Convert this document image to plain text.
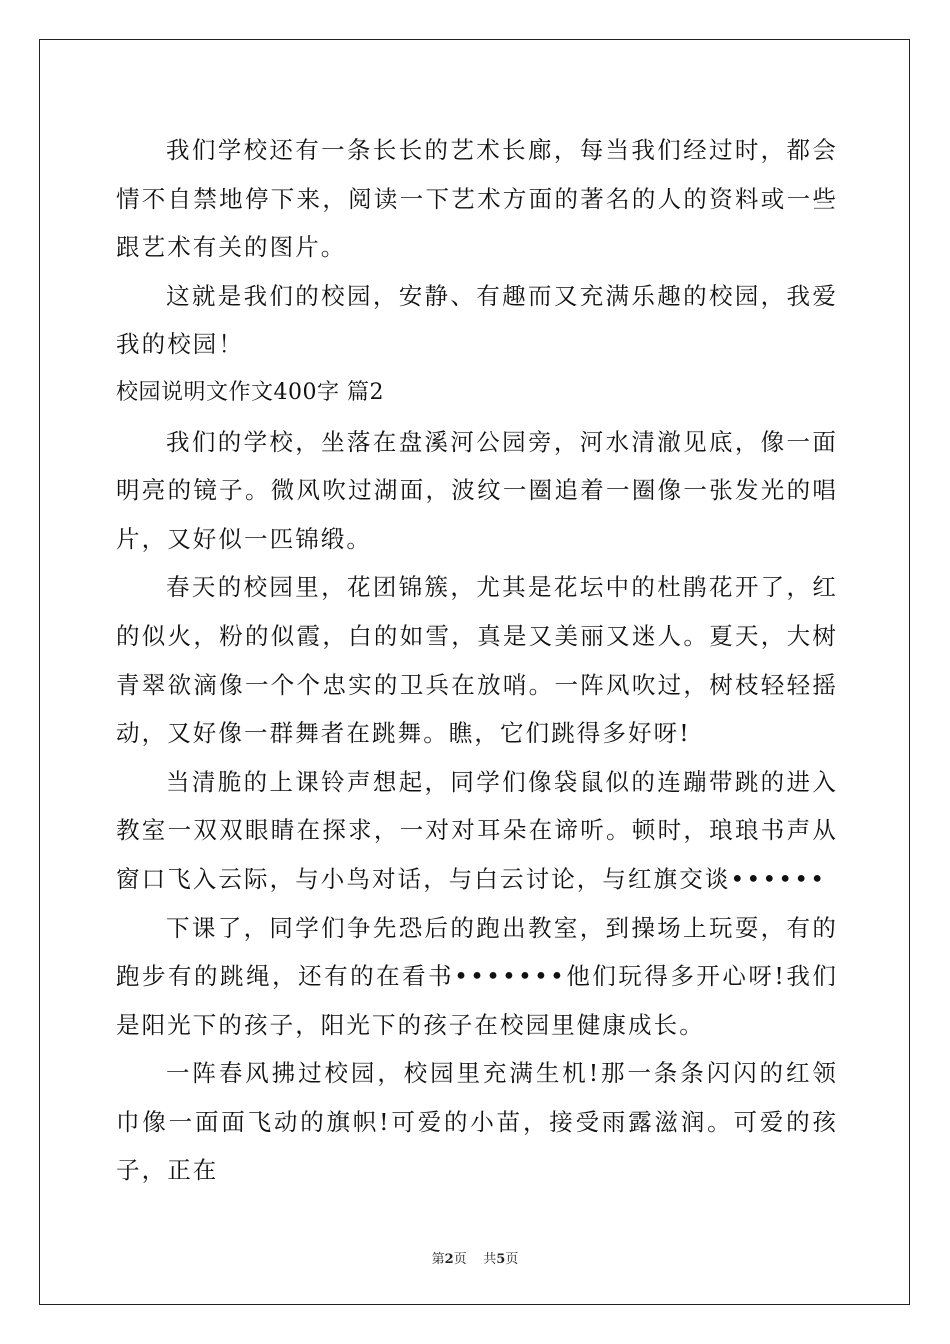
我们学校还有一条长长的艺术长廊，每当我们经过时，都会情不自禁地停下来，阅读一下艺术方面的著名的人的资料或一些跟艺术有关的图片。

这就是我们的校园，安静、有趣而又充满乐趣的校园，我爱我的校园！

校园说明文作文400字 篇2

我们的学校，坐落在盘溪河公园旁，河水清澈见底，像一面明亮的镜子。微风吹过湖面，波纹一圈追着一圈像一张发光的唱片，又好似一匹锦缎。

春天的校园里，花团锦簇，尤其是花坛中的杜鹃花开了，红的似火，粉的似霞，白的如雪，真是又美丽又迷人。夏天，大树青翠欲滴像一个个忠实的卫兵在放哨。一阵风吹过，树枝轻轻摇动，又好像一群舞者在跳舞。瞧，它们跳得多好呀!

当清脆的上课铃声想起，同学们像袋鼠似的连蹦带跳的进入教室一双双眼睛在探求，一对对耳朵在谛听。顿时，琅琅书声从窗口飞入云际，与小鸟对话，与白云讨论，与红旗交谈••••••

下课了，同学们争先恐后的跑出教室，到操场上玩耍，有的跑步有的跳绳，还有的在看书•••••••他们玩得多开心呀!我们是阳光下的孩子，阳光下的孩子在校园里健康成长。

一阵春风拂过校园，校园里充满生机!那一条条闪闪的红领巾像一面面飞动的旗帜!可爱的小苗，接受雨露滋润。可爱的孩子，正在

第2页 共5页
